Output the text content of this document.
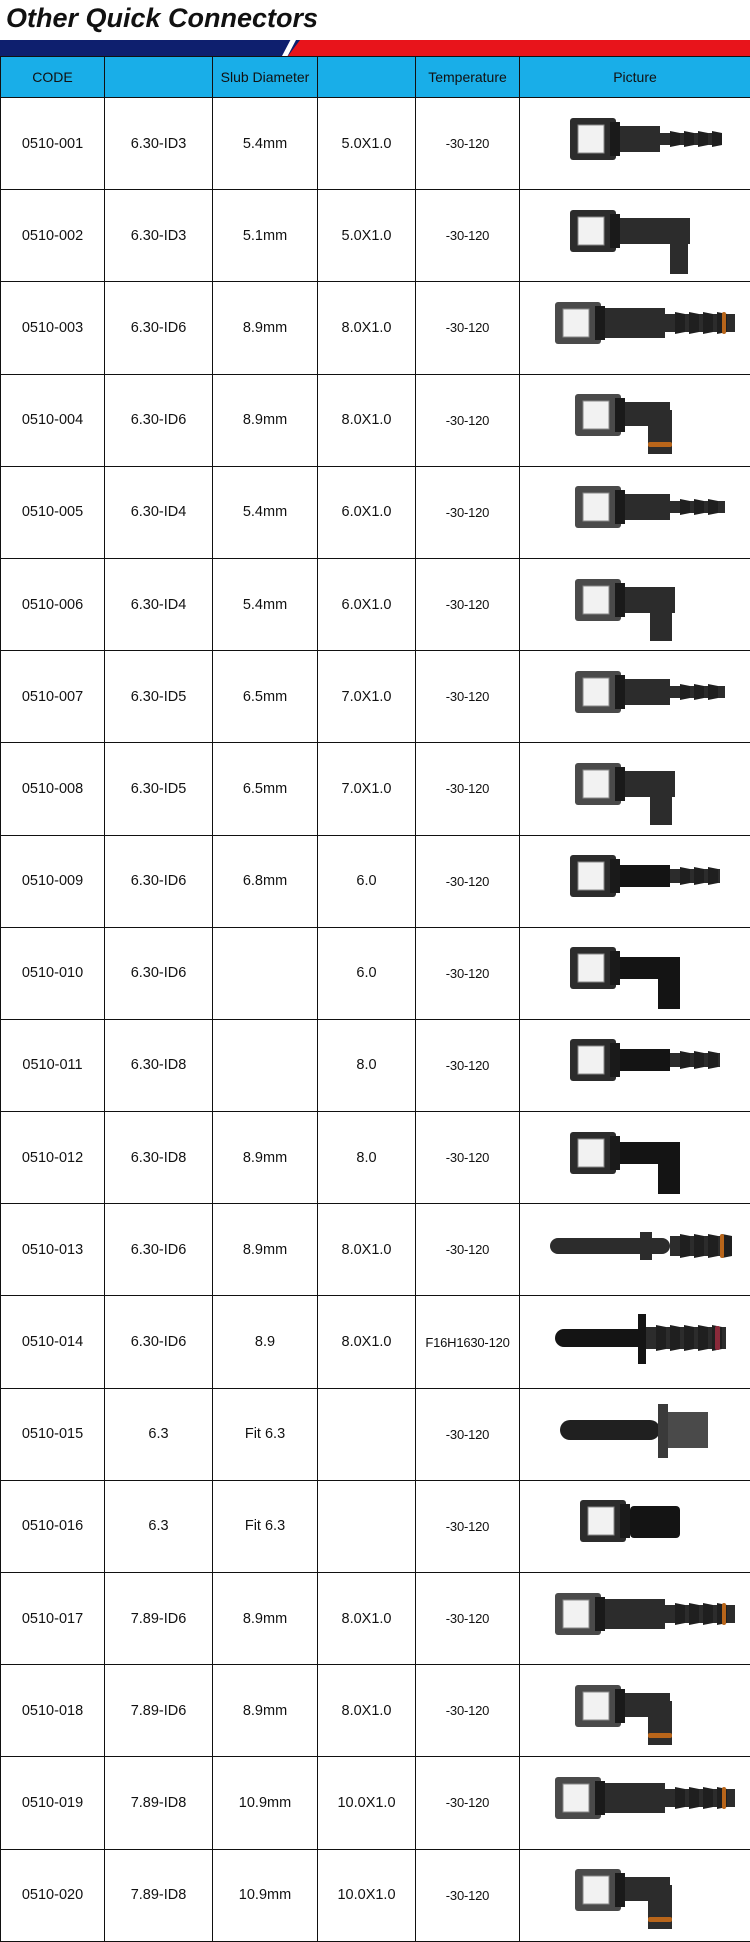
Other Quick Connectors
CODE		Slub Diameter		Temperature	Picture
0510-001	6.30-ID3	5.4mm	5.0X1.0	-30-120	

0510-002	6.30-ID3	5.1mm	5.0X1.0	-30-120	

0510-003	6.30-ID6	8.9mm	8.0X1.0	-30-120	

0510-004	6.30-ID6	8.9mm	8.0X1.0	-30-120	

0510-005	6.30-ID4	5.4mm	6.0X1.0	-30-120	

0510-006	6.30-ID4	5.4mm	6.0X1.0	-30-120	

0510-007	6.30-ID5	6.5mm	7.0X1.0	-30-120	

0510-008	6.30-ID5	6.5mm	7.0X1.0	-30-120	

0510-009	6.30-ID6	6.8mm	6.0	-30-120	

0510-010	6.30-ID6		6.0	-30-120	

0510-011	6.30-ID8		8.0	-30-120	

0510-012	6.30-ID8	8.9mm	8.0	-30-120	

0510-013	6.30-ID6	8.9mm	8.0X1.0	-30-120	

0510-014	6.30-ID6	8.9	8.0X1.0	F16H1630-120	

0510-015	6.3	Fit 6.3		-30-120	

0510-016	6.3	Fit 6.3		-30-120	

0510-017	7.89-ID6	8.9mm	8.0X1.0	-30-120	

0510-018	7.89-ID6	8.9mm	8.0X1.0	-30-120	

0510-019	7.89-ID8	10.9mm	10.0X1.0	-30-120	

0510-020	7.89-ID8	10.9mm	10.0X1.0	-30-120	
